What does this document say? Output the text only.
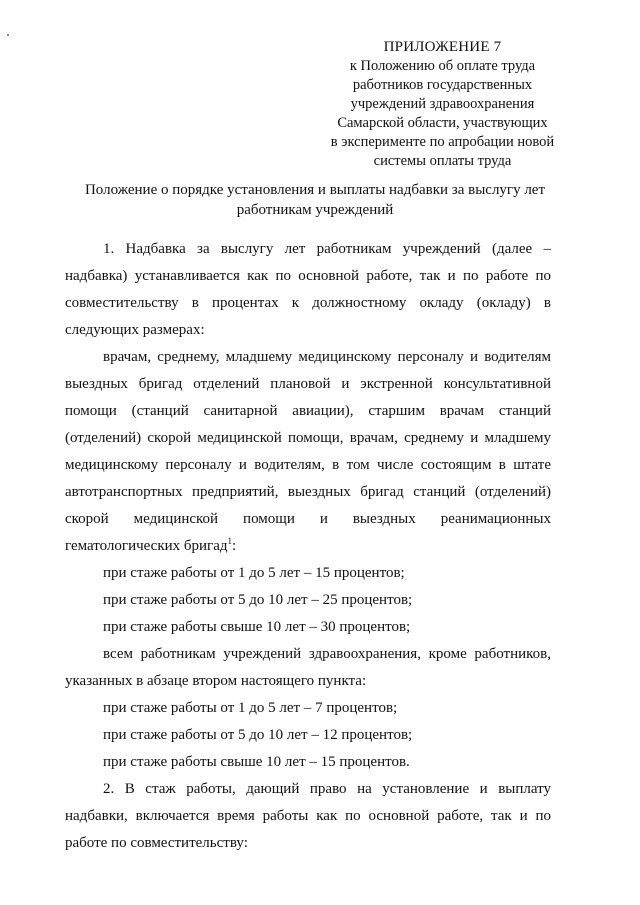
ПРИЛОЖЕНИЕ 7
к Положению об оплате труда
работников государственных
учреждений здравоохранения
Самарской области, участвующих
в эксперименте по апробации новой
системы оплаты труда
Положение о порядке установления и выплаты надбавки за выслугу лет
работникам учреждений

1. Надбавка за выслугу лет работникам учреждений (далее – надбавка) устанавливается как по основной работе, так и по работе по совместительству в процентах к должностному окладу (окладу) в следующих размерах:

врачам, среднему, младшему медицинскому персоналу и водителям выездных бригад отделений плановой и экстренной консультативной помощи (станций санитарной авиации), старшим врачам станций (отделений) скорой медицинской помощи, врачам, среднему и младшему медицинскому персоналу и водителям, в том числе состоящим в штате автотранспортных предприятий, выездных бригад станций (отделений) скорой медицинской помощи и выездных реанимационных

гематологических бригад$^1$:

при стаже работы от 1 до 5 лет – 15 процентов;

при стаже работы от 5 до 10 лет – 25 процентов;

при стаже работы свыше 10 лет – 30 процентов;

всем работникам учреждений здравоохранения, кроме работников, указанных в абзаце втором настоящего пункта:

при стаже работы от 1 до 5 лет – 7 процентов;

при стаже работы от 5 до 10 лет – 12 процентов;

при стаже работы свыше 10 лет – 15 процентов.

2. В стаж работы, дающий право на установление и выплату надбавки, включается время работы как по основной работе, так и по работе по совместительству:
